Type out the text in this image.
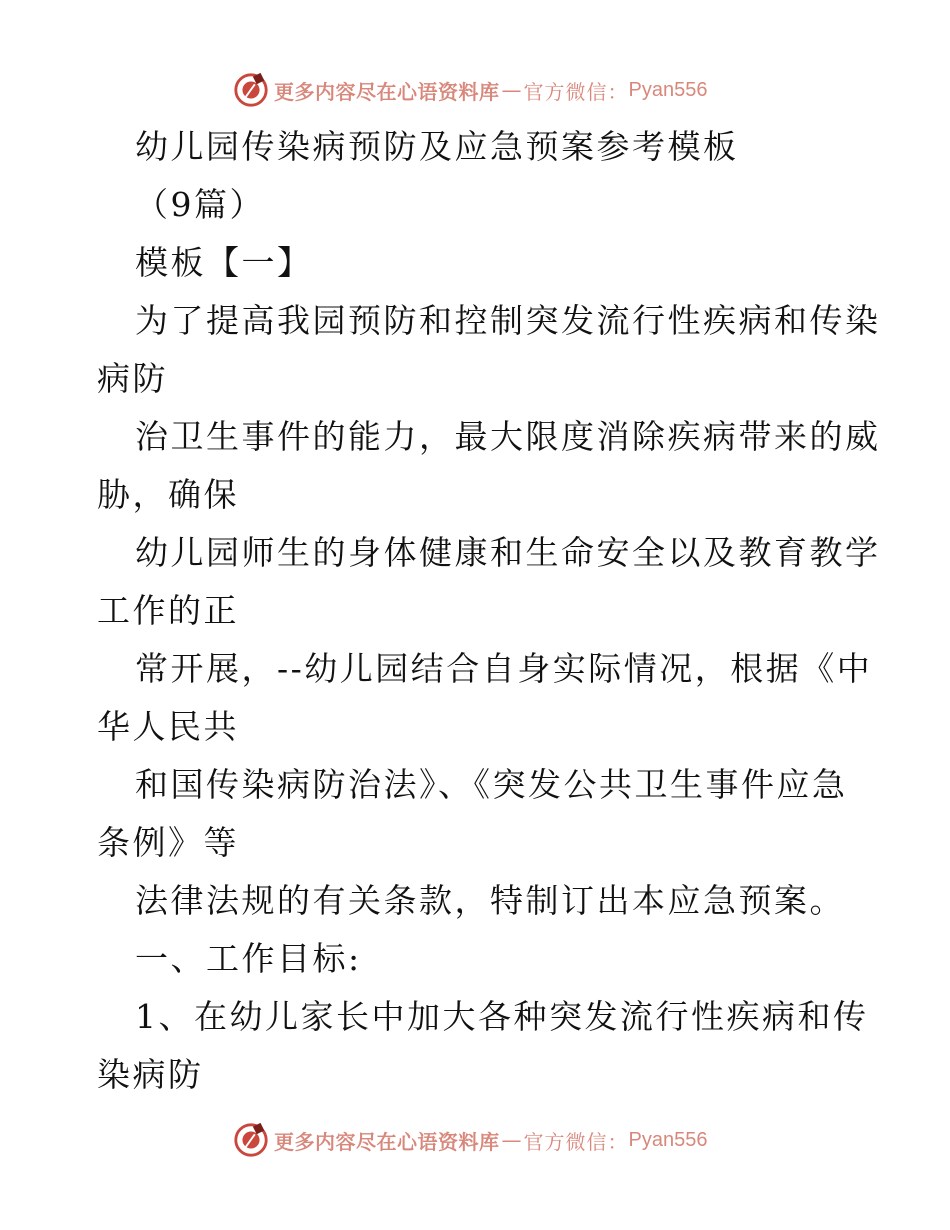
更多内容尽在心语资料库 — 官方微信： Pyan556
幼儿园传染病预防及应急预案参考模板
（9篇）
模板【一】
为了提高我园预防和控制突发流行性疾病和传染
病防
治卫生事件的能力，最大限度消除疾病带来的威
胁，确保
幼儿园师生的身体健康和生命安全以及教育教学
工作的正
常开展，--幼儿园结合自身实际情况，根据《中
华人民共
和国传染病防治法》、《突发公共卫生事件应急
条例》等
法律法规的有关条款，特制订出本应急预案。
一、工作目标:
1、在幼儿家长中加大各种突发流行性疾病和传
染病防
更多内容尽在心语资料库 — 官方微信： Pyan556
